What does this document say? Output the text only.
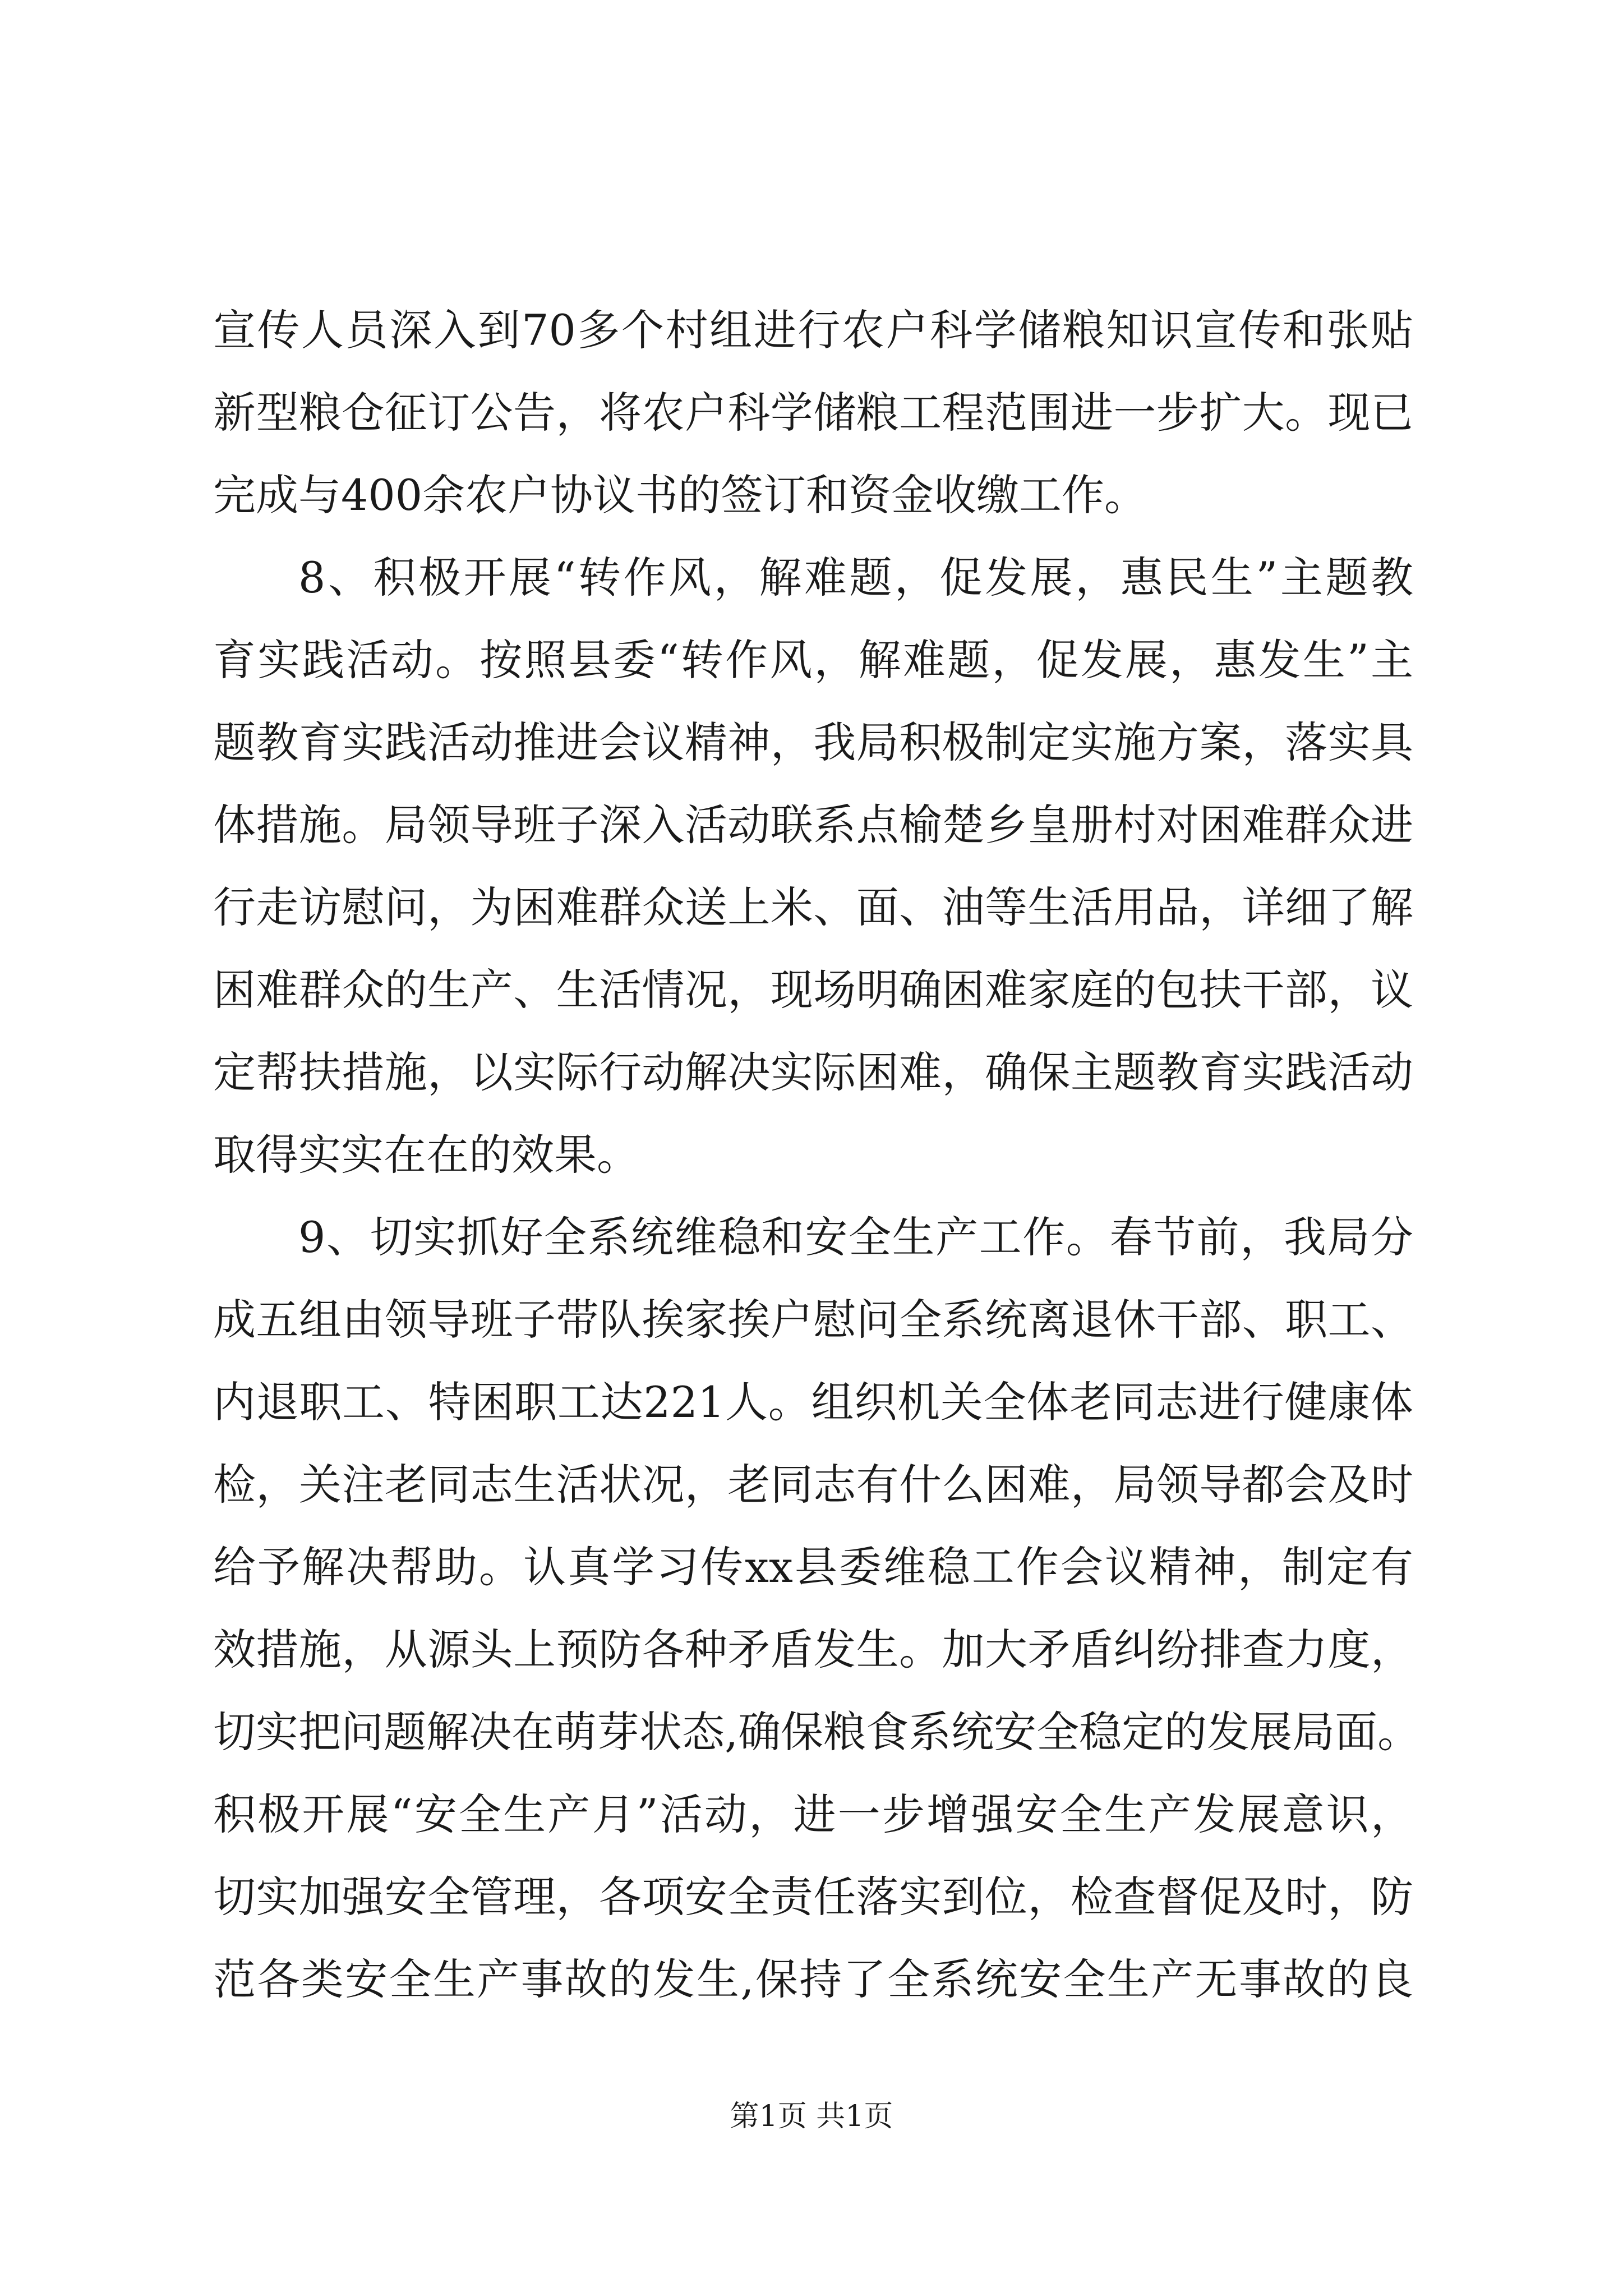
宣传人员深入到70多个村组进行农户科学储粮知识宣传和张贴
新型粮仓征订公告，将农户科学储粮工程范围进一步扩大。现已
完成与400余农户协议书的签订和资金收缴工作。
8、积极开展“转作风，解难题，促发展，惠民生”主题教
育实践活动。按照县委“转作风，解难题，促发展，惠发生”主
题教育实践活动推进会议精神，我局积极制定实施方案，落实具
体措施。局领导班子深入活动联系点榆楚乡皇册村对困难群众进
行走访慰问，为困难群众送上米、面、油等生活用品，详细了解
困难群众的生产、生活情况，现场明确困难家庭的包扶干部，议
定帮扶措施，以实际行动解决实际困难，确保主题教育实践活动
取得实实在在的效果。
9、切实抓好全系统维稳和安全生产工作。春节前，我局分
成五组由领导班子带队挨家挨户慰问全系统离退休干部、职工、
内退职工、特困职工达221人。组织机关全体老同志进行健康体
检，关注老同志生活状况，老同志有什么困难，局领导都会及时
给予解决帮助。认真学习传xx县委维稳工作会议精神，制定有
效措施，从源头上预防各种矛盾发生。加大矛盾纠纷排查力度，
切实把问题解决在萌芽状态,确保粮食系统安全稳定的发展局面。
积极开展“安全生产月”活动，进一步增强安全生产发展意识，
切实加强安全管理，各项安全责任落实到位，检查督促及时，防
范各类安全生产事故的发生,保持了全系统安全生产无事故的良
第1页 共1页
